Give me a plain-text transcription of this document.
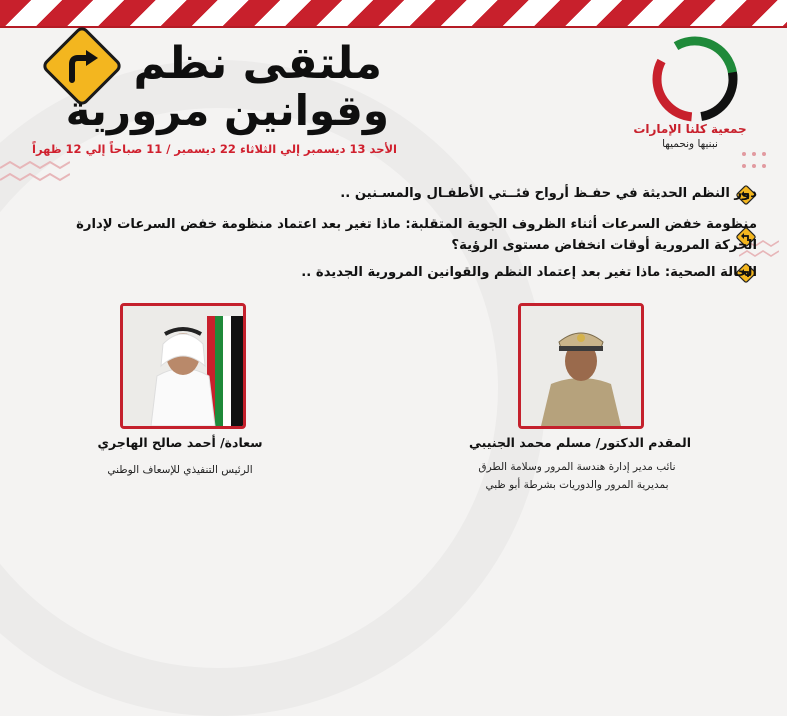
ملتقى نظم
وقوانين مرورية
الأحد 13 ديسمبر إلي الثلاثاء 22 ديسمبر / 11 صباحاً إلي 12 ظهراً
جمعية كلنا الإمارات
نبنيها ونحميها
دور النظم الحديثة في حفـظ أرواح فئــتي الأطفـال والمسـنين ..
منظومة خفض السرعات أثناء الظروف الجوية المتقلبة: ماذا تغير بعد اعتماد منظومة خفض السرعات لإدارة الحركة المرورية أوقات انخفاض مستوى الرؤية؟
الحالة الصحية: ماذا تغير بعد إعتماد النظم والقوانين المرورية الجديدة ..
سعادة/ أحمد صالح الهاجري
الرئيس التنفيذي للإسعاف الوطني
المقدم الدكتور/ مسلم محمد الجنيبي
نائب مدير إدارة هندسة المرور وسلامة الطرق
بمديرية المرور والدوريات بشرطة أبو ظبي
